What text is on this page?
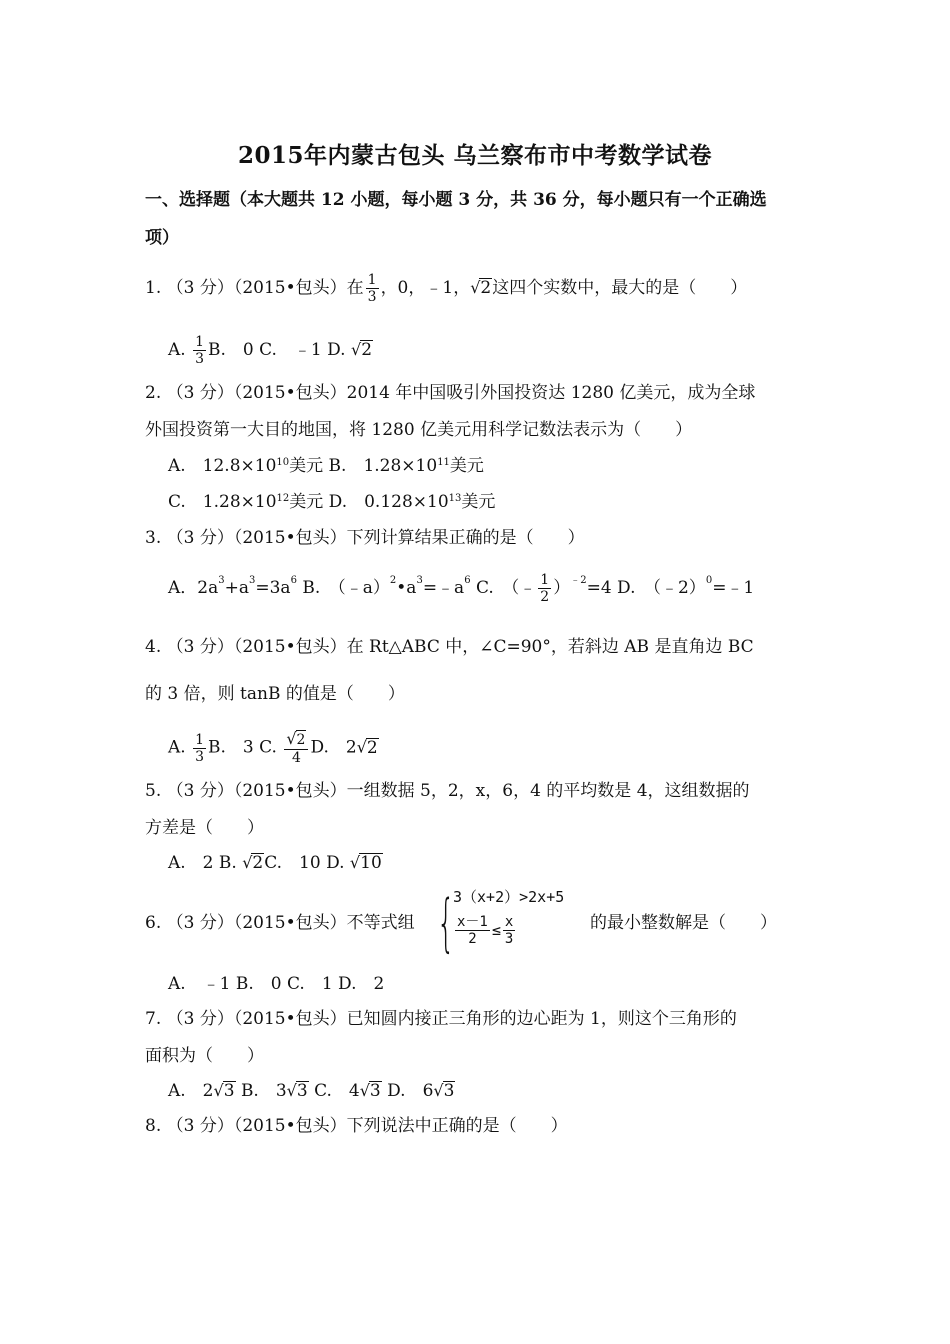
2015年内蒙古包头 乌兰察布市中考数学试卷
一、选择题（本大题共 12 小题，每小题 3 分，共 36 分，每小题只有一个正确选
项）
1. （3 分）（2015•包头）在 $\frac{1}{3}$ ，0，﹣1，√2这四个实数中，最大的是（　　）
A. $\frac{1}{3} B$.　0 C.　﹣1 D. √2
2. （3 分）（2015•包头）2014 年中国吸引外国投资达 1280 亿美元，成为全球
外国投资第一大目的地国，将 1280 亿美元用科学记数法表示为（　　）
A.　$12.8\times 10^{10}$美元 B.　$1.28\times 10^{11}$美元
C.　$1.28\times 10^{12}$美元 D.　$0.128\times 10^{13}$美元
3. （3 分）（2015•包头）下列计算结果正确的是（　　）
A．$2a^3+a^3=3a^6$ B.　$(﹣a)^2•a^3=﹣a^6$ C.　（﹣ $\frac{1}{2} )^{﹣2}=4$ D.　（﹣2）$^0$=﹣1
4. （3 分）（2015•包头）在 Rt△ABC 中，∠C=90°，若斜边 AB 是直角边 BC
的 3 倍，则 tanB 的值是（　　）
A. $\frac{1}{3} B$.　3 C. $\frac{√2}{4} D$.　2√2
5. （3 分）（2015•包头）一组数据 5，2，x，6，4 的平均数是 4，这组数据的
方差是（　　）
A.　2 B. √2C.　10 D. √10
6. （3 分）（2015•包头）不等式组 {
3（x+2）>2x+5
$\frac{x-1}{2} \le \frac{x}{3}$	的最小整数解是（　　）
A.　﹣1 B.　0 C.　1 D.　2
7. （3 分）（2015•包头）已知圆内接正三角形的边心距为 1，则这个三角形的
面积为（　　）
A.　2√3 B.　3√3 C.　4√3 D.　6√3
8. （3 分）（2015•包头）下列说法中正确的是（　　）
